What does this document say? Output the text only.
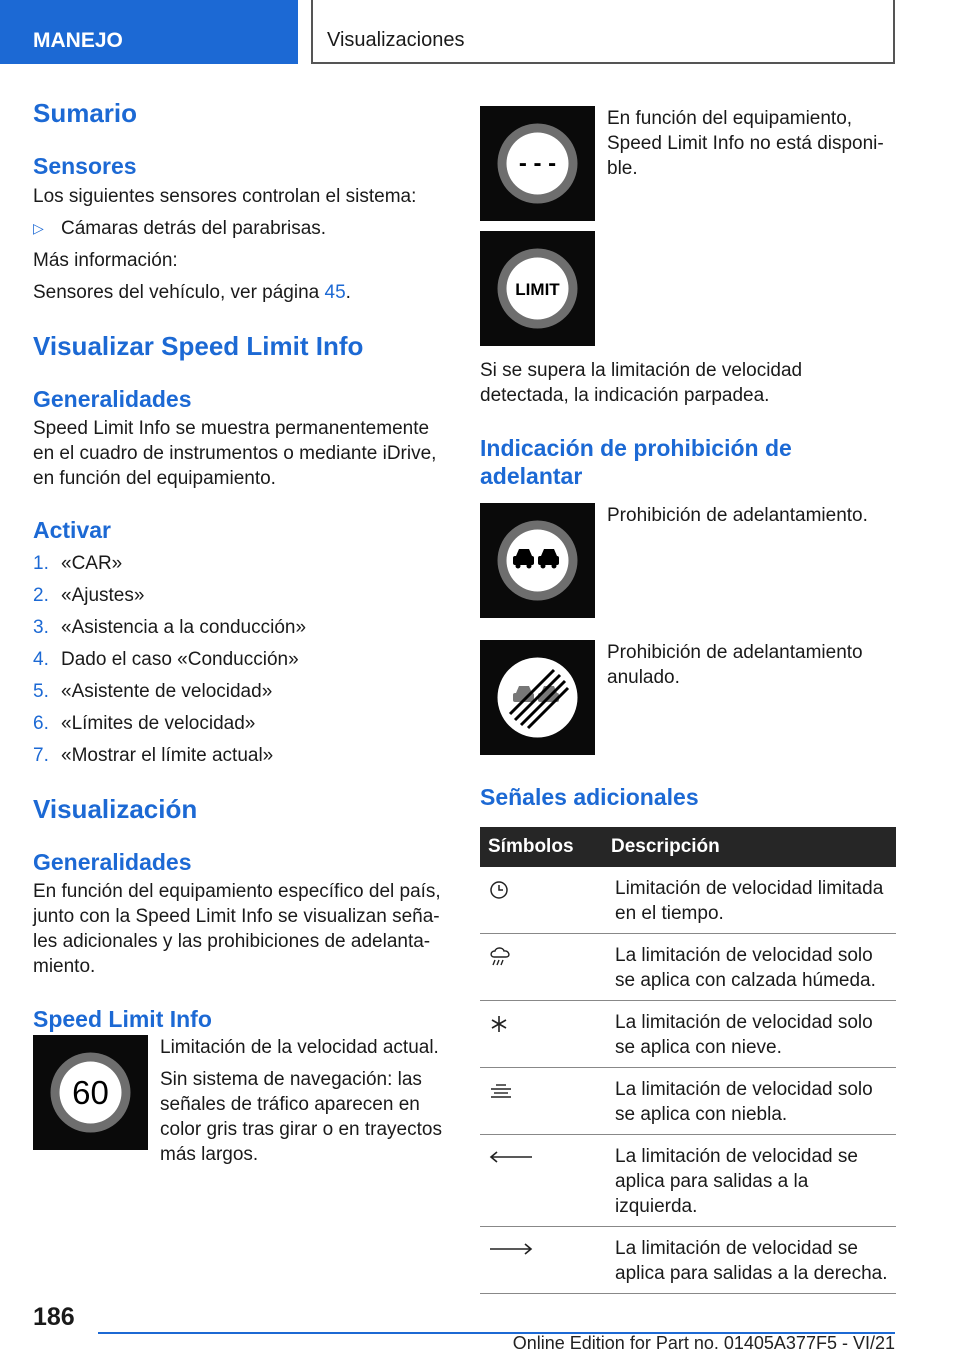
MANEJO	Visualizaciones
Sumario
Sensores

Los siguientes sensores controlan el sistema:

▷ Cámaras detrás del parabrisas.

Más información:

Sensores del vehículo, ver página 45.

Visualizar Speed Limit Info
Generalidades

Speed Limit Info se muestra permanentemente en el cuadro de instrumentos o mediante iDrive, en función del equipamiento.

Activar
1. «CAR»
2. «Ajustes»
3. «Asistencia a la conducción»
4. Dado el caso «Conducción»
5. «Asistente de velocidad»
6. «Límites de velocidad»
7. «Mostrar el límite actual»
Visualización
Generalidades

En función del equipamiento específico del país, junto con la Speed Limit Info se visualizan seña-les adicionales y las prohibiciones de adelanta-miento.

Speed Limit Info
60

Limitación de la velocidad actual.

Sin sistema de navegación: las señales de tráfico aparecen en color gris tras girar o en trayectos más largos.

- - -
En función del equipamiento, Speed Limit Info no está disponi-ble.
LIMIT

Si se supera la limitación de velocidad detectada, la indicación parpadea.

Indicación de prohibición de adelantar
Prohibición de adelantamiento.
Prohibición de adelantamiento anulado.
Señales adicionales
Símbolos	Descripción
	Limitación de velocidad limitada en el tiempo.
	La limitación de velocidad solo se aplica con calzada húmeda.
	La limitación de velocidad solo se aplica con nieve.
	La limitación de velocidad solo se aplica con niebla.
	La limitación de velocidad se aplica para salidas a la izquierda.
	La limitación de velocidad se aplica para salidas a la derecha.
186
Online Edition for Part no. 01405A377F5 - VI/21
